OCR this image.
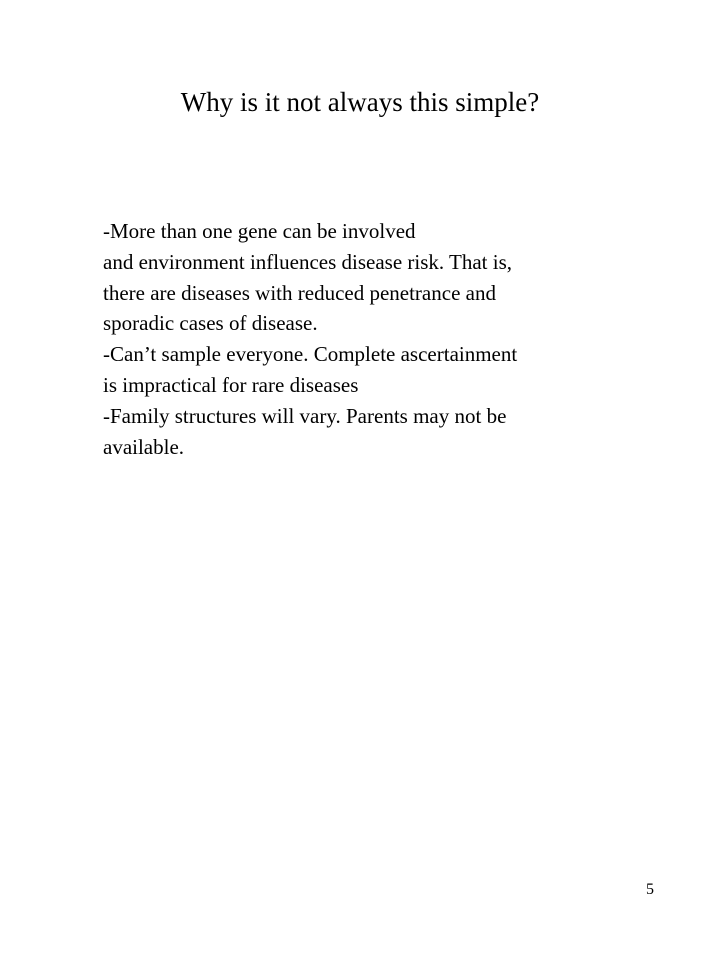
Why is it not always this simple?
-More than one gene can be involved
and environment influences disease risk. That is,
there are diseases with reduced penetrance and
sporadic cases of disease.
-Can’t sample everyone. Complete ascertainment
is impractical for rare diseases
-Family structures will vary. Parents may not be
available.
5
